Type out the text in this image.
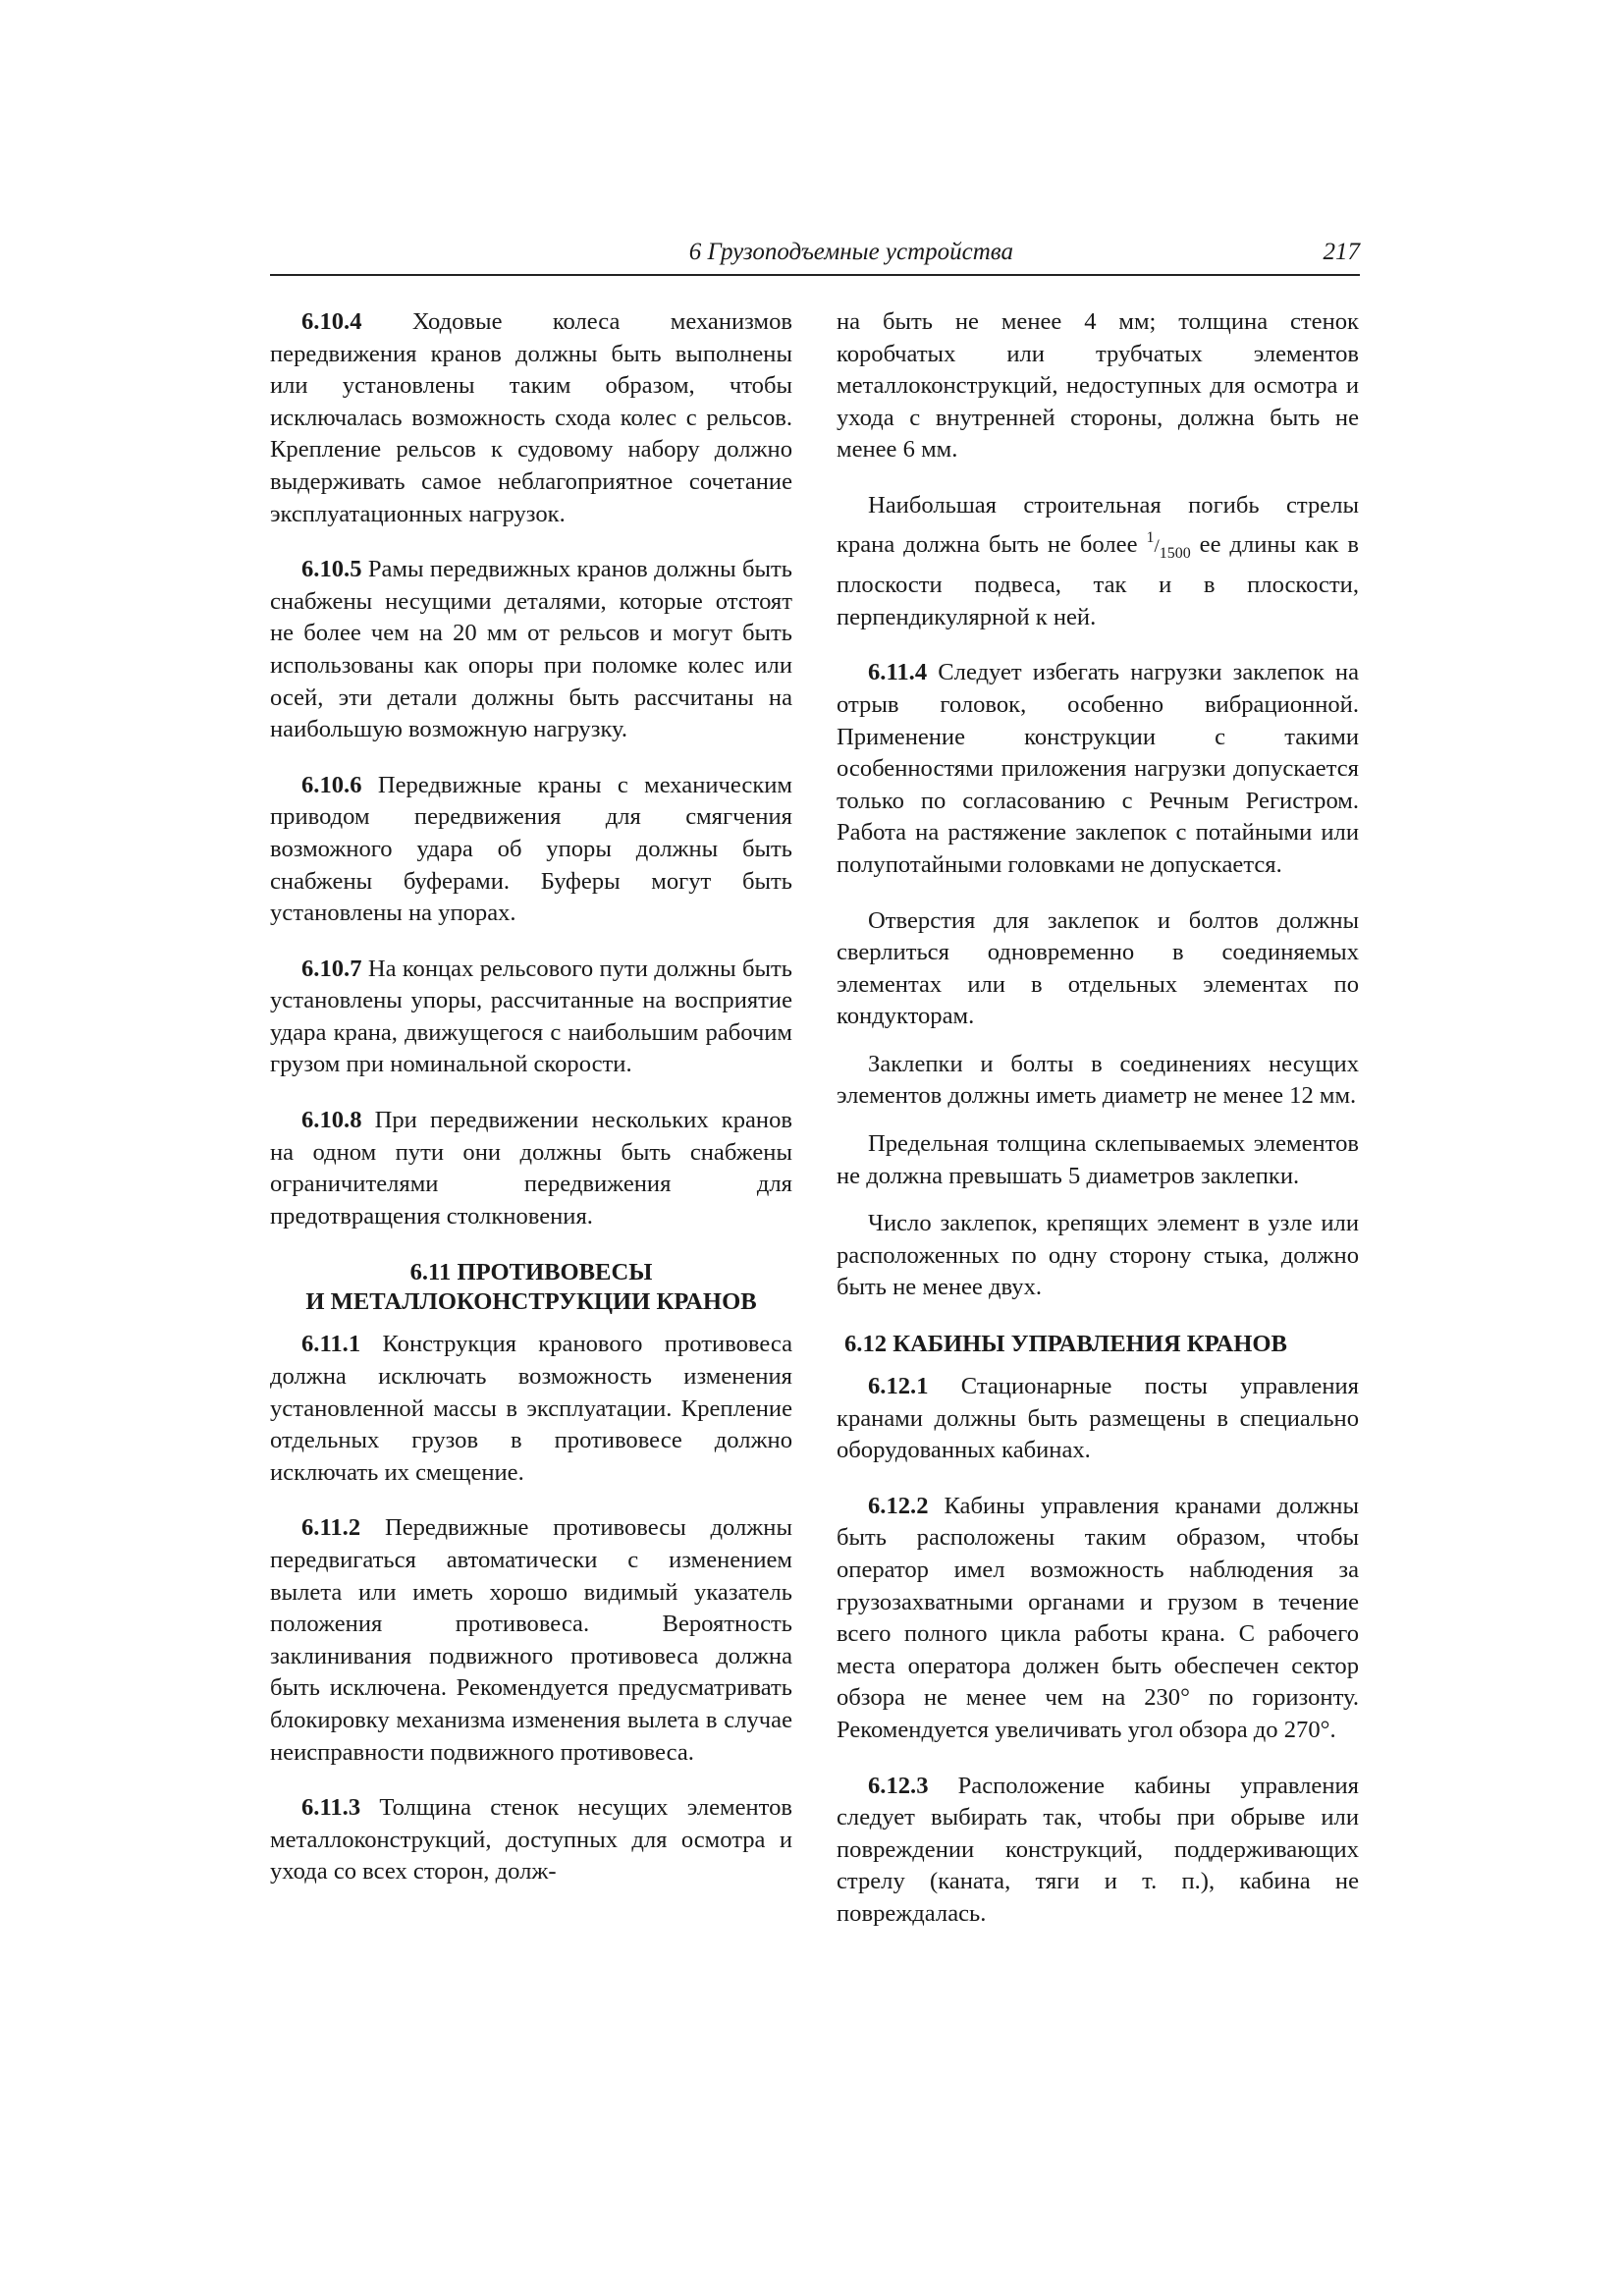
6 Грузоподъемные устройства	217

6.10.4 Ходовые колеса механизмов передвижения кранов должны быть выполнены или установлены таким образом, чтобы исключалась возможность схода колес с рельсов. Крепление рельсов к судовому набору должно выдерживать самое неблагоприятное сочетание эксплуатационных нагрузок.

6.10.5 Рамы передвижных кранов должны быть снабжены несущими деталями, которые отстоят не более чем на 20 мм от рельсов и могут быть использованы как опоры при поломке колес или осей, эти детали должны быть рассчитаны на наибольшую возможную нагрузку.

6.10.6 Передвижные краны с механическим приводом передвижения для смягчения возможного удара об упоры должны быть снабжены буферами. Буферы могут быть установлены на упорах.

6.10.7 На концах рельсового пути должны быть установлены упоры, рассчитанные на восприятие удара крана, движущегося с наибольшим рабочим грузом при номинальной скорости.

6.10.8 При передвижении нескольких кранов на одном пути они должны быть снабжены ограничителями передвижения для предотвращения столкновения.

6.11 ПРОТИВОВЕСЫ
И МЕТАЛЛОКОНСТРУКЦИИ КРАНОВ

6.11.1 Конструкция кранового противовеса должна исключать возможность изменения установленной массы в эксплуатации. Крепление отдельных грузов в противовесе должно исключать их смещение.

6.11.2 Передвижные противовесы должны передвигаться автоматически с изменением вылета или иметь хорошо видимый указатель положения противовеса. Вероятность заклинивания подвижного противовеса должна быть исключена. Рекомендуется предусматривать блокировку механизма изменения вылета в случае неисправности подвижного противовеса.

6.11.3 Толщина стенок несущих элементов металлоконструкций, доступных для осмотра и ухода со всех сторон, долж-

на быть не менее 4 мм; толщина стенок коробчатых или трубчатых элементов металлоконструкций, недоступных для осмотра и ухода с внутренней стороны, должна быть не менее 6 мм.

Наибольшая строительная погибь стрелы крана должна быть не более $^1/_{1500}$ ее длины как в плоскости подвеса, так и в плоскости, перпендикулярной к ней.

6.11.4 Следует избегать нагрузки заклепок на отрыв головок, особенно вибрационной. Применение конструкции с такими особенностями приложения нагрузки допускается только по согласованию с Речным Регистром. Работа на растяжение заклепок с потайными или полупотайными головками не допускается.

Отверстия для заклепок и болтов должны сверлиться одновременно в соединяемых элементах или в отдельных элементах по кондукторам.

Заклепки и болты в соединениях несущих элементов должны иметь диаметр не менее 12 мм.

Предельная толщина склепываемых элементов не должна превышать 5 диаметров заклепки.

Число заклепок, крепящих элемент в узле или расположенных по одну сторону стыка, должно быть не менее двух.

6.12 КАБИНЫ УПРАВЛЕНИЯ КРАНОВ

6.12.1 Стационарные посты управления кранами должны быть размещены в специально оборудованных кабинах.

6.12.2 Кабины управления кранами должны быть расположены таким образом, чтобы оператор имел возможность наблюдения за грузозахватными органами и грузом в течение всего полного цикла работы крана. С рабочего места оператора должен быть обеспечен сектор обзора не менее чем на 230° по горизонту. Рекомендуется увеличивать угол обзора до 270°.

6.12.3 Расположение кабины управления следует выбирать так, чтобы при обрыве или повреждении конструкций, поддерживающих стрелу (каната, тяги и т. п.), кабина не повреждалась.
